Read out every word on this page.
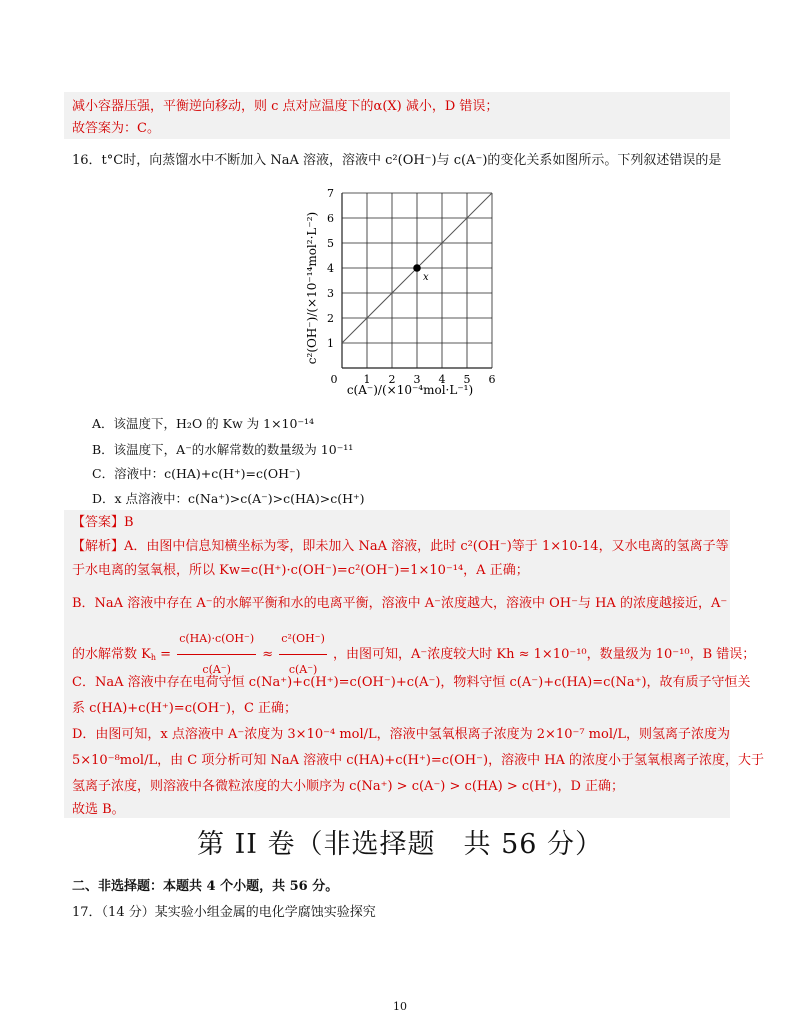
减小容器压强，平衡逆向移动，则 c 点对应温度下的α(X) 减小，D 错误；
故答案为：C。
16．t°C时，向蒸馏水中不断加入 NaA 溶液，溶液中 c²(OH⁻)与 c(A⁻)的变化关系如图所示。下列叙述错误的是
x
0 1 2 3 4 5 6
1
2
3
4
5
6
7
c(A⁻)/(×10⁻⁴mol·L⁻¹)
c²(OH⁻)/(×10⁻¹⁴mol²·L⁻²)
A．该温度下，H₂O 的 Kw 为 1×10⁻¹⁴
B．该温度下，A⁻的水解常数的数量级为 10⁻¹¹
C．溶液中：c(HA)+c(H⁺)=c(OH⁻)
D．x 点溶液中：c(Na⁺)>c(A⁻)>c(HA)>c(H⁺)
【答案】B
【解析】A．由图中信息知横坐标为零，即未加入 NaA 溶液，此时 c²(OH⁻)等于 1×10-14，又水电离的氢离子等
于水电离的氢氧根，所以 Kw=c(H⁺)·c(OH⁻)=c²(OH⁻)=1×10⁻¹⁴，A 正确；
B．NaA 溶液中存在 A⁻的水解平衡和水的电离平衡，溶液中 A⁻浓度越大，溶液中 OH⁻与 HA 的浓度越接近，A⁻
的水解常数 $K_h = \frac{c(HA)\cdot c(OH^-)}{c(A^-)} \approx \frac{\text{c²(OH⁻)}}{c(A^-)}$ ，由图可知，A⁻浓度较大时 Kh ≈ 1×10⁻¹⁰，数量级为 10⁻¹⁰，B 错误；
C．NaA 溶液中存在电荷守恒 c(Na⁺)+c(H⁺)=c(OH⁻)+c(A⁻)，物料守恒 c(A⁻)+c(HA)=c(Na⁺)，故有质子守恒关
系 c(HA)+c(H⁺)=c(OH⁻)，C 正确；
D．由图可知，x 点溶液中 A⁻浓度为 3×10⁻⁴ mol/L，溶液中氢氧根离子浓度为 2×10⁻⁷ mol/L，则氢离子浓度为
5×10⁻⁸mol/L，由 C 项分析可知 NaA 溶液中 c(HA)+c(H⁺)=c(OH⁻)，溶液中 HA 的浓度小于氢氧根离子浓度，大于
氢离子浓度，则溶液中各微粒浓度的大小顺序为 c(Na⁺) > c(A⁻) > c(HA) > c(H⁺)，D 正确；
故选 B。
第 II 卷（非选择题　共 56 分）
二、非选择题：本题共 4 个小题，共 56 分。
17．（14 分）某实验小组金属的电化学腐蚀实验探究
10
